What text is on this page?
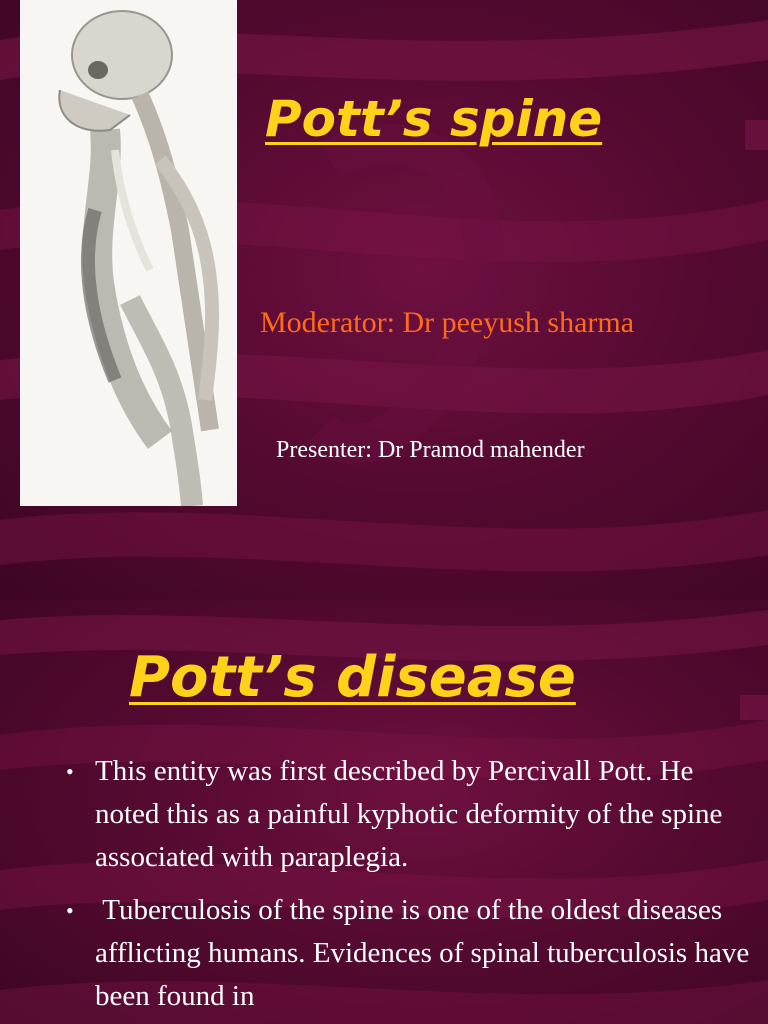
Pott’s spine

Moderator: Dr peeyush sharma

Presenter: Dr Pramod mahender

Pott’s disease
• This entity was first described by Percivall Pott. He noted this as a painful kyphotic deformity of the spine associated with paraplegia.
• Tuberculosis of the spine is one of the oldest diseases afflicting humans. Evidences of spinal tuberculosis have been found in
